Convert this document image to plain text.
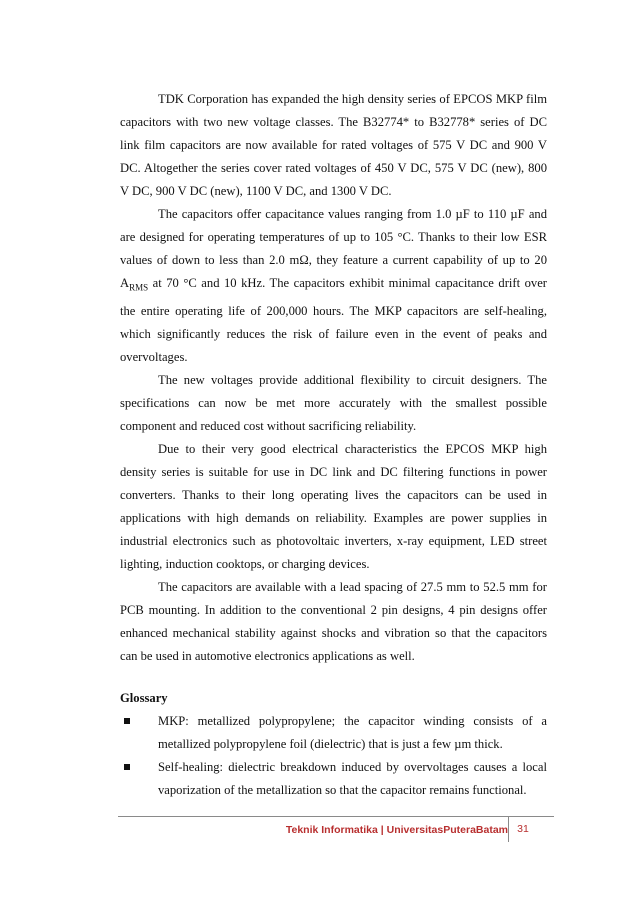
TDK Corporation has expanded the high density series of EPCOS MKP film capacitors with two new voltage classes. The B32774* to B32778* series of DC link film capacitors are now available for rated voltages of 575 V DC and 900 V DC. Altogether the series cover rated voltages of 450 V DC, 575 V DC (new), 800 V DC, 900 V DC (new), 1100 V DC, and 1300 V DC.

The capacitors offer capacitance values ranging from 1.0 µF to 110 µF and are designed for operating temperatures of up to 105 °C. Thanks to their low ESR values of down to less than 2.0 mΩ, they feature a current capability of up to 20 $A_{RMS}$ at 70 °C and 10 kHz. The capacitors exhibit minimal capacitance drift over the entire operating life of 200,000 hours. The MKP capacitors are self-healing, which significantly reduces the risk of failure even in the event of peaks and overvoltages.

The new voltages provide additional flexibility to circuit designers. The specifications can now be met more accurately with the smallest possible component and reduced cost without sacrificing reliability.

Due to their very good electrical characteristics the EPCOS MKP high density series is suitable for use in DC link and DC filtering functions in power converters. Thanks to their long operating lives the capacitors can be used in applications with high demands on reliability. Examples are power supplies in industrial electronics such as photovoltaic inverters, x-ray equipment, LED street lighting, induction cooktops, or charging devices.

The capacitors are available with a lead spacing of 27.5 mm to 52.5 mm for PCB mounting. In addition to the conventional 2 pin designs, 4 pin designs offer enhanced mechanical stability against shocks and vibration so that the capacitors can be used in automotive electronics applications as well.

Glossary

MKP: metallized polypropylene; the capacitor winding consists of a metallized polypropylene foil (dielectric) that is just a few µm thick.
Self-healing: dielectric breakdown induced by overvoltages causes a local vaporization of the metallization so that the capacitor remains functional.
Teknik Informatika | UniversitasPuteraBatam 31
